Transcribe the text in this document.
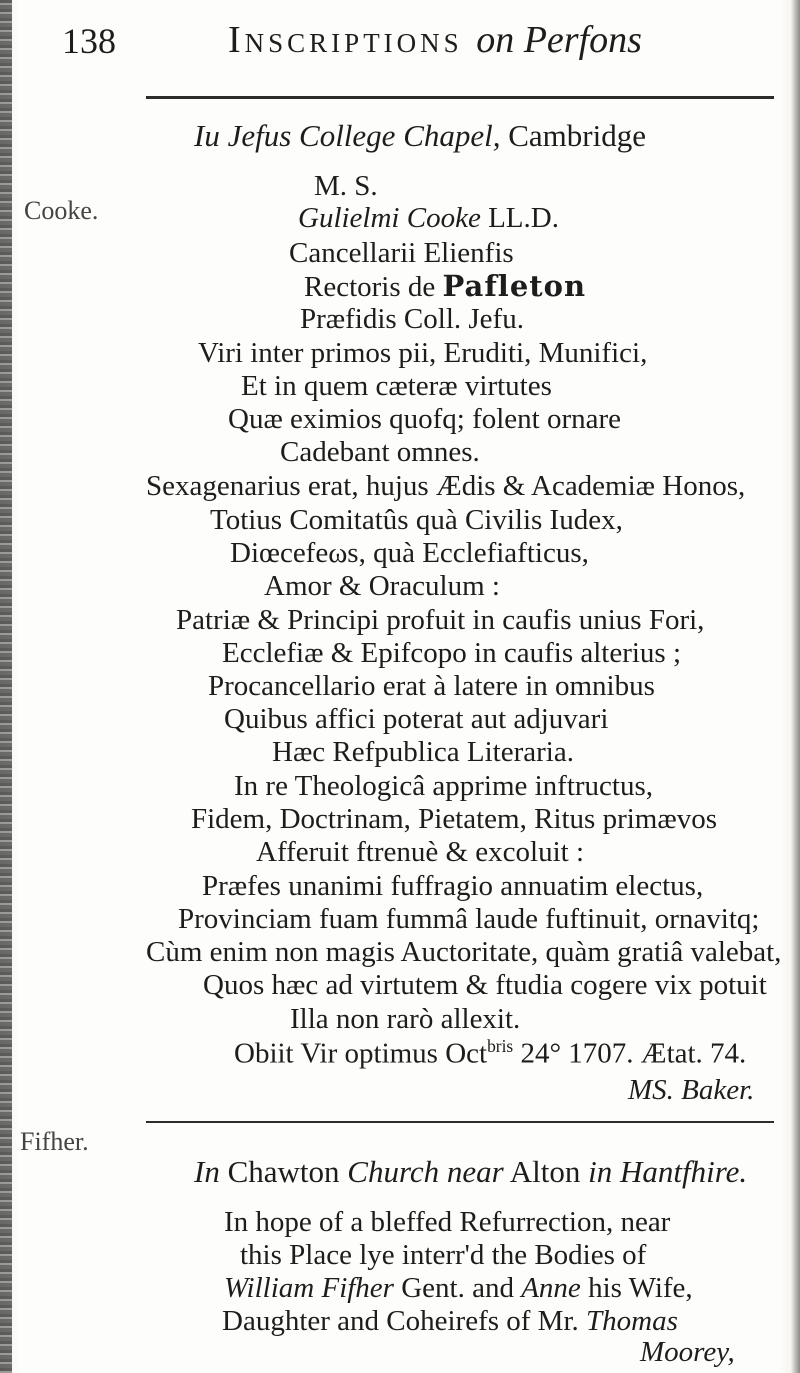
138	Inscriptions on Perfons
Cooke.
Fifher.
Iu Jefus College Chapel, Cambridge
M. S.
Gulielmi Cooke LL.D.
Cancellarii Elienfis
Rectoris de Pafleton
Præfidis Coll. Jefu.
Viri inter primos pii, Eruditi, Munifici,
Et in quem cæteræ virtutes
Quæ eximios quofq; folent ornare
Cadebant omnes.
Sexagenarius erat, hujus Ædis & Academiæ Honos,
Totius Comitatûs quà Civilis Iudex,
Diœcefeωs, quà Ecclefiafticus,
Amor & Oraculum :
Patriæ & Principi profuit in caufis unius Fori,
Ecclefiæ & Epifcopo in caufis alterius ;
Procancellario erat à latere in omnibus
Quibus affici poterat aut adjuvari
Hæc Refpublica Literaria.
In re Theologicâ apprime inftructus,
Fidem, Doctrinam, Pietatem, Ritus primævos
Afferuit ftrenuè & excoluit :
Præfes unanimi fuffragio annuatim electus,
Provinciam fuam fummâ laude fuftinuit, ornavitq;
Cùm enim non magis Auctoritate, quàm gratiâ valebat,
Quos hæc ad virtutem & ftudia cogere vix potuit
Illa non rarò allexit.
Obiit Vir optimus Oct$^{bris}$ 24° 1707. Ætat. 74.
MS. Baker.
In Chawton Church near Alton in Hantfhire.
In hope of a bleffed Refurrection, near
this Place lye interr'd the Bodies of
William Fifher Gent. and Anne his Wife,
Daughter and Coheirefs of Mr. Thomas
Moorey,
